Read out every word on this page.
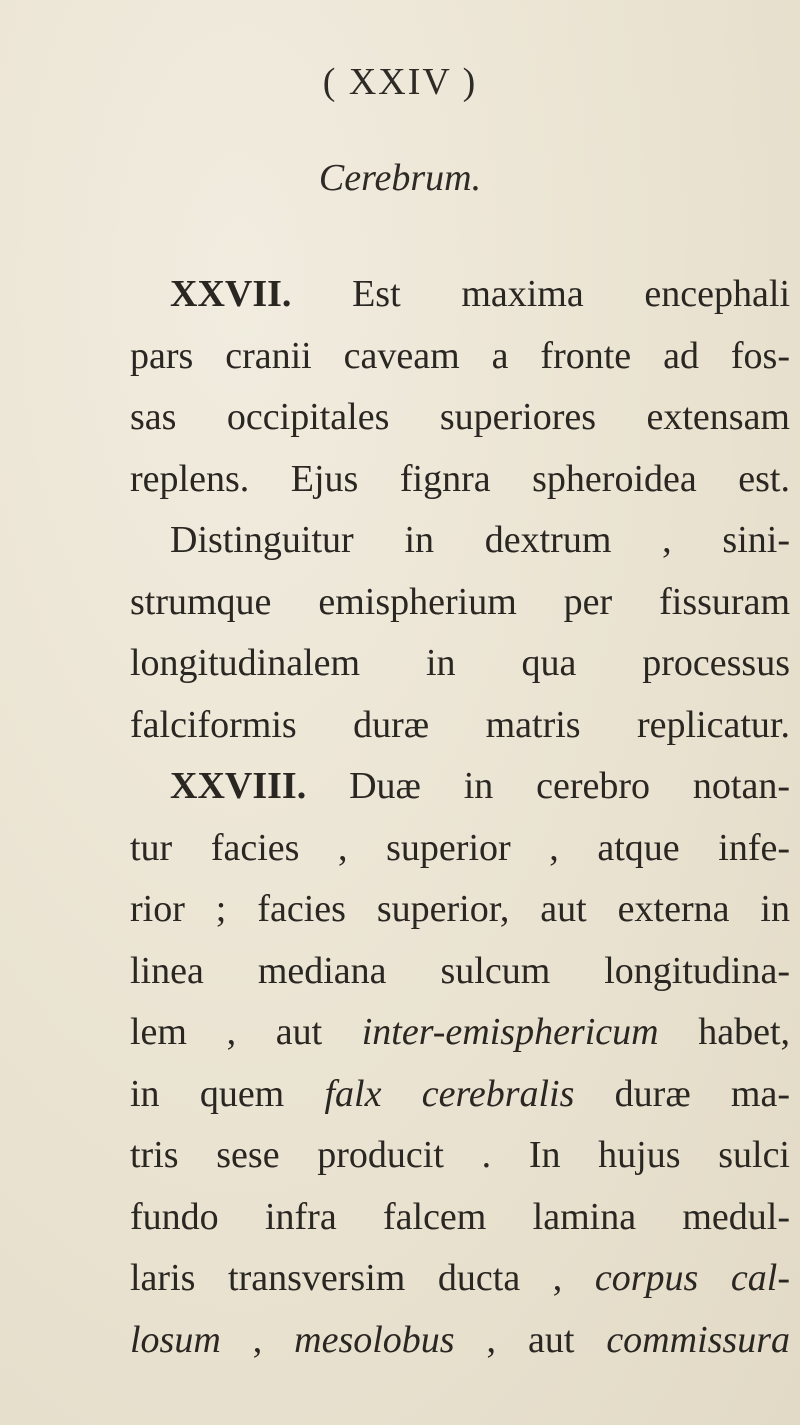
( XXIV )
Cerebrum.
XXVII. Est maxima encephali
pars cranii caveam a fronte ad fos-
sas occipitales superiores extensam
replens. Ejus fignra spheroidea est.
Distinguitur in dextrum , sini-
strumque emispherium per fissuram
longitudinalem in qua processus
falciformis duræ matris replicatur.
XXVIII. Duæ in cerebro notan-
tur facies , superior , atque infe-
rior ; facies superior, aut externa in
linea mediana sulcum longitudina-
lem , aut inter-emisphericum habet,
in quem falx cerebralis duræ ma-
tris sese producit . In hujus sulci
fundo infra falcem lamina medul-
laris transversim ducta , corpus cal-
losum , mesolobus , aut commissura
